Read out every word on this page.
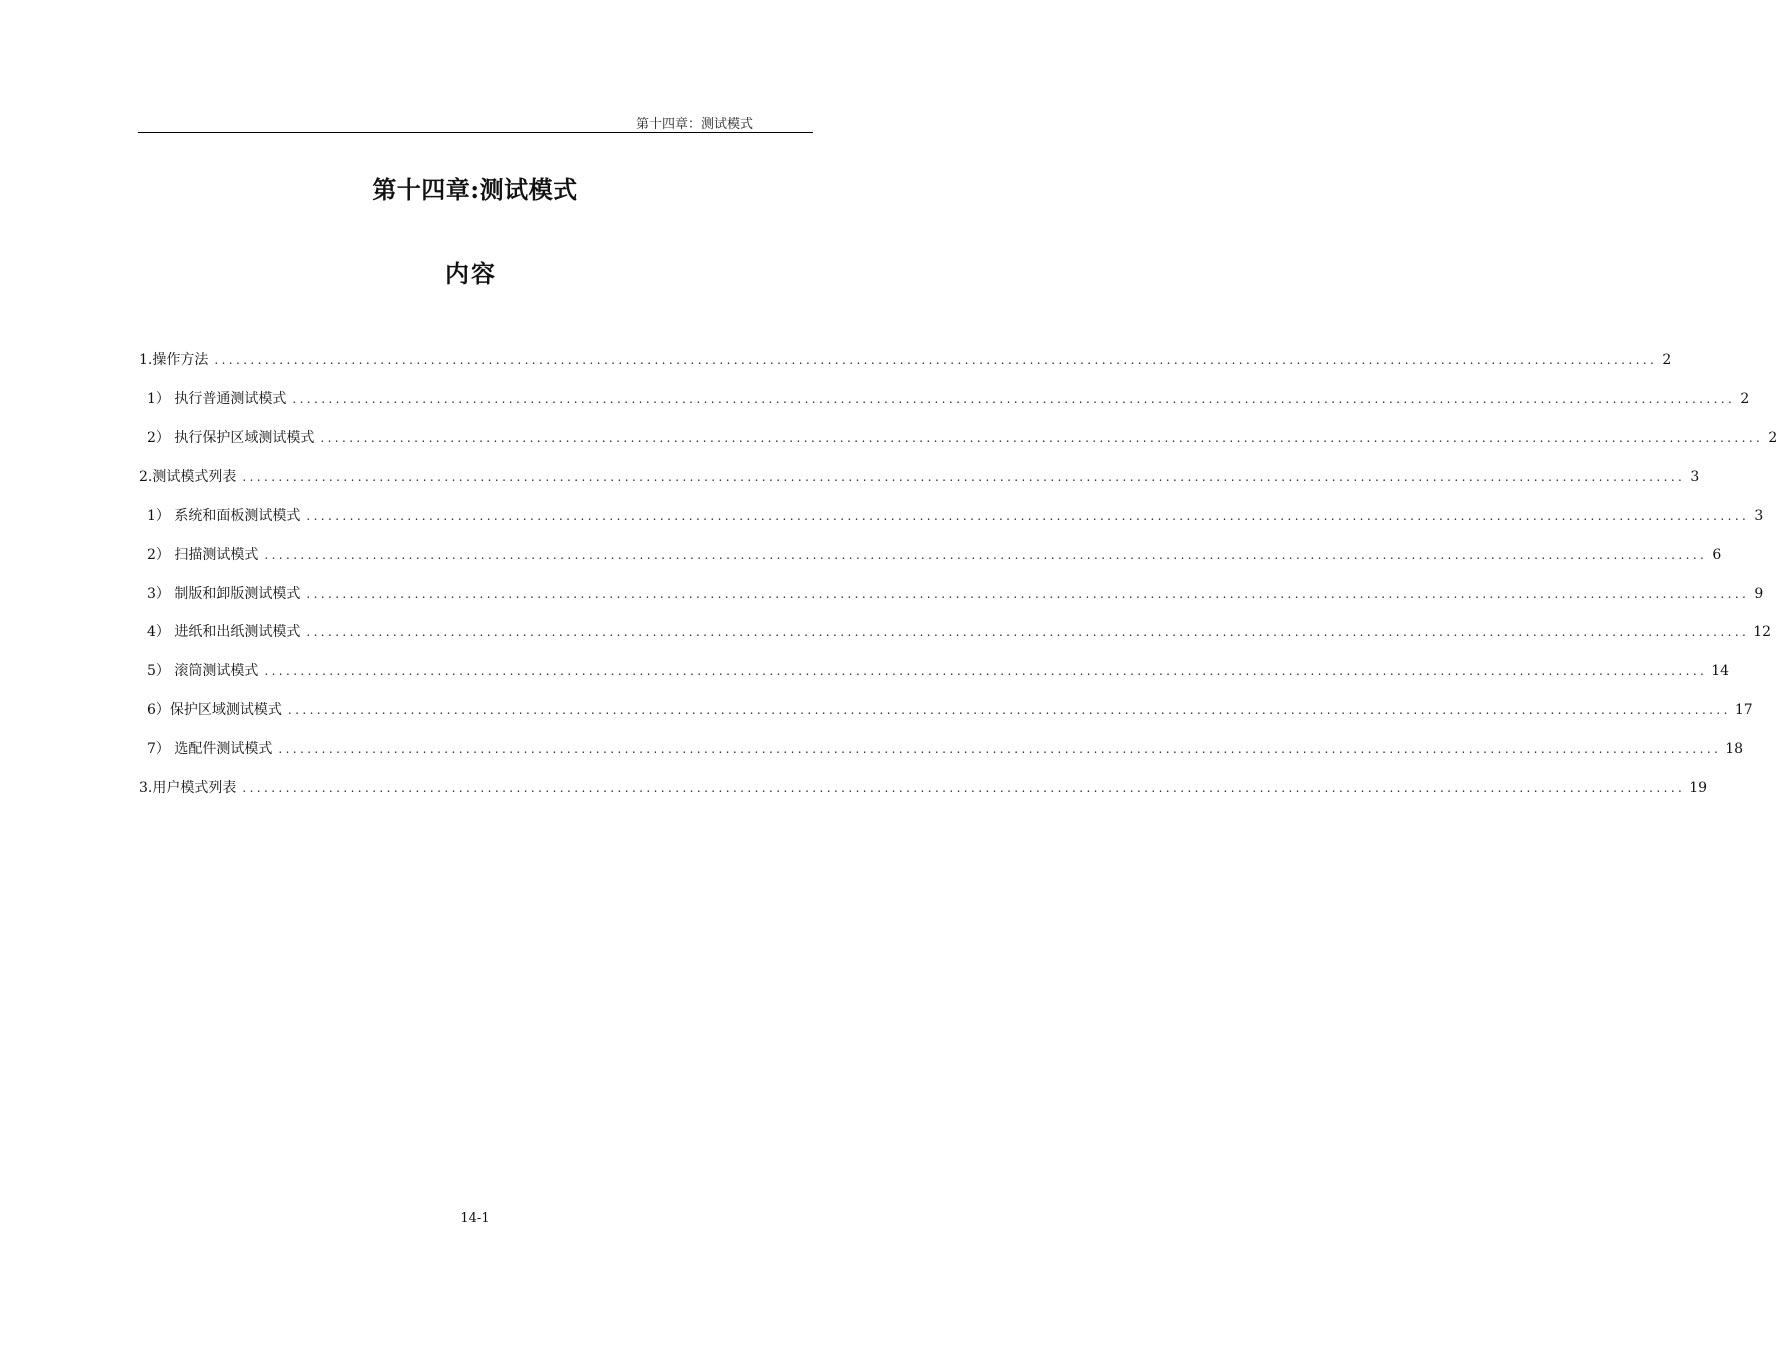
第十四章：测试模式
第十四章:测试模式
内容
1.操作方法 ........................................................................................................................................................................................................ 2
1） 执行普通测试模式 ........................................................................................................................................................................................................ 2
2） 执行保护区域测试模式 ........................................................................................................................................................................................................ 2
2.测试模式列表 ........................................................................................................................................................................................................ 3
1） 系统和面板测试模式 ........................................................................................................................................................................................................ 3
2） 扫描测试模式 ........................................................................................................................................................................................................ 6
3） 制版和卸版测试模式 ........................................................................................................................................................................................................ 9
4） 进纸和出纸测试模式 ........................................................................................................................................................................................................ 12
5） 滚筒测试模式 ........................................................................................................................................................................................................ 14
6）保护区域测试模式 ........................................................................................................................................................................................................ 17
7） 选配件测试模式 ........................................................................................................................................................................................................ 18
3.用户模式列表 ........................................................................................................................................................................................................ 19
14-1
